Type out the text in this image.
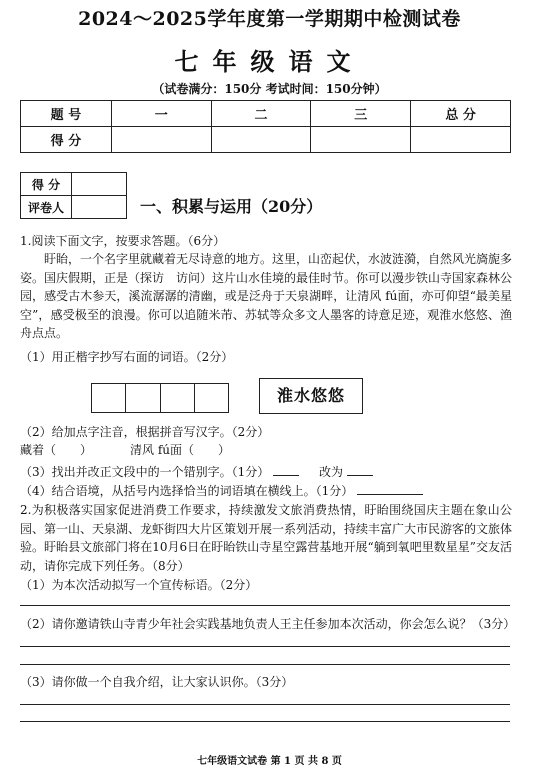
2024～2025学年度第一学期期中检测试卷
七年级语文
（试卷满分：150分 考试时间：150分钟）
题 号	一	二	三	总 分
得 分				
得 分	
评卷人		一、积累与运用（20分）
1.阅读下面文字，按要求答题。（6分）
盱眙，一个名字里就藏着无尽诗意的地方。这里，山峦起伏，水波涟漪，自然风光旖旎多姿。国庆假期，正是（探访　访问）这片山水佳境的最佳时节。你可以漫步铁山寺国家森林公园，感受古木参天，溪流潺潺的清幽，或是泛舟于天泉湖畔，让清风 fú面，亦可仰望“最美星空”，感受极至的浪漫。你可以追随米芾、苏轼等众多文人墨客的诗意足迹，观淮水悠悠、渔舟点点。
（1）用正楷字抄写右面的词语。（2分）
淮水悠悠
（2）给加点字注音，根据拼音写汉字。（2分）
藏着（　　）	清风 fú面（　　）
（3）找出并改正文段中的一个错别字。（1分）	改为
（4）结合语境，从括号内选择恰当的词语填在横线上。（1分）
2.为积极落实国家促进消费工作要求，持续激发文旅消费热情，盱眙围绕国庆主题在象山公园、第一山、天泉湖、龙虾街四大片区策划开展一系列活动，持续丰富广大市民游客的文旅体验。盱眙县文旅部门将在10月6日在盱眙铁山寺星空露营基地开展“躺到氧吧里数星星”交友活动，请你完成下列任务。（8分）
（1）为本次活动拟写一个宣传标语。（2分）
（2）请你邀请铁山寺青少年社会实践基地负责人王主任参加本次活动，你会怎么说？（3分）
（3）请你做一个自我介绍，让大家认识你。（3分）
七年级语文试卷 第 1 页 共 8 页
